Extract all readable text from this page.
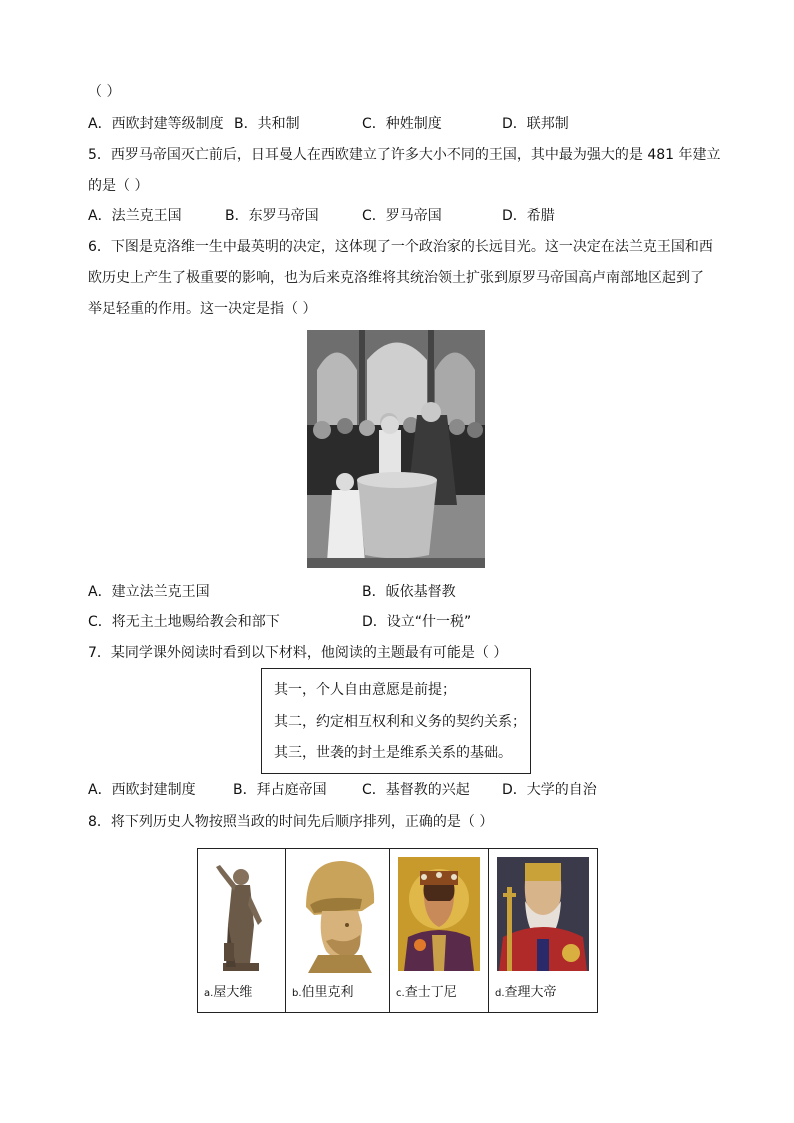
（ ）
A．西欧封建等级制度 B．共和制	C．种姓制度	D．联邦制
5．西罗马帝国灭亡前后，日耳曼人在西欧建立了许多大小不同的王国，其中最为强大的是 481 年建立
的是（ ）
A．法兰克王国	B．东罗马帝国	C．罗马帝国	D．希腊
6．下图是克洛维一生中最英明的决定，这体现了一个政治家的长远目光。这一决定在法兰克王国和西
欧历史上产生了极重要的影响，也为后来克洛维将其统治领土扩张到原罗马帝国高卢南部地区起到了
举足轻重的作用。这一决定是指（ ）
A．建立法兰克王国	B．皈依基督教
C．将无主土地赐给教会和部下	D．设立“什一税”
7．某同学课外阅读时看到以下材料，他阅读的主题最有可能是（ ）
其一，个人自由意愿是前提；
其二，约定相互权利和义务的契约关系；
其三，世袭的封土是维系关系的基础。
A．西欧封建制度	B．拜占庭帝国	C．基督教的兴起 D．大学的自治
8．将下列历史人物按照当政的时间先后顺序排列，正确的是（ ）
a.屋大维	b.伯里克利	c.查士丁尼	d.查理大帝
